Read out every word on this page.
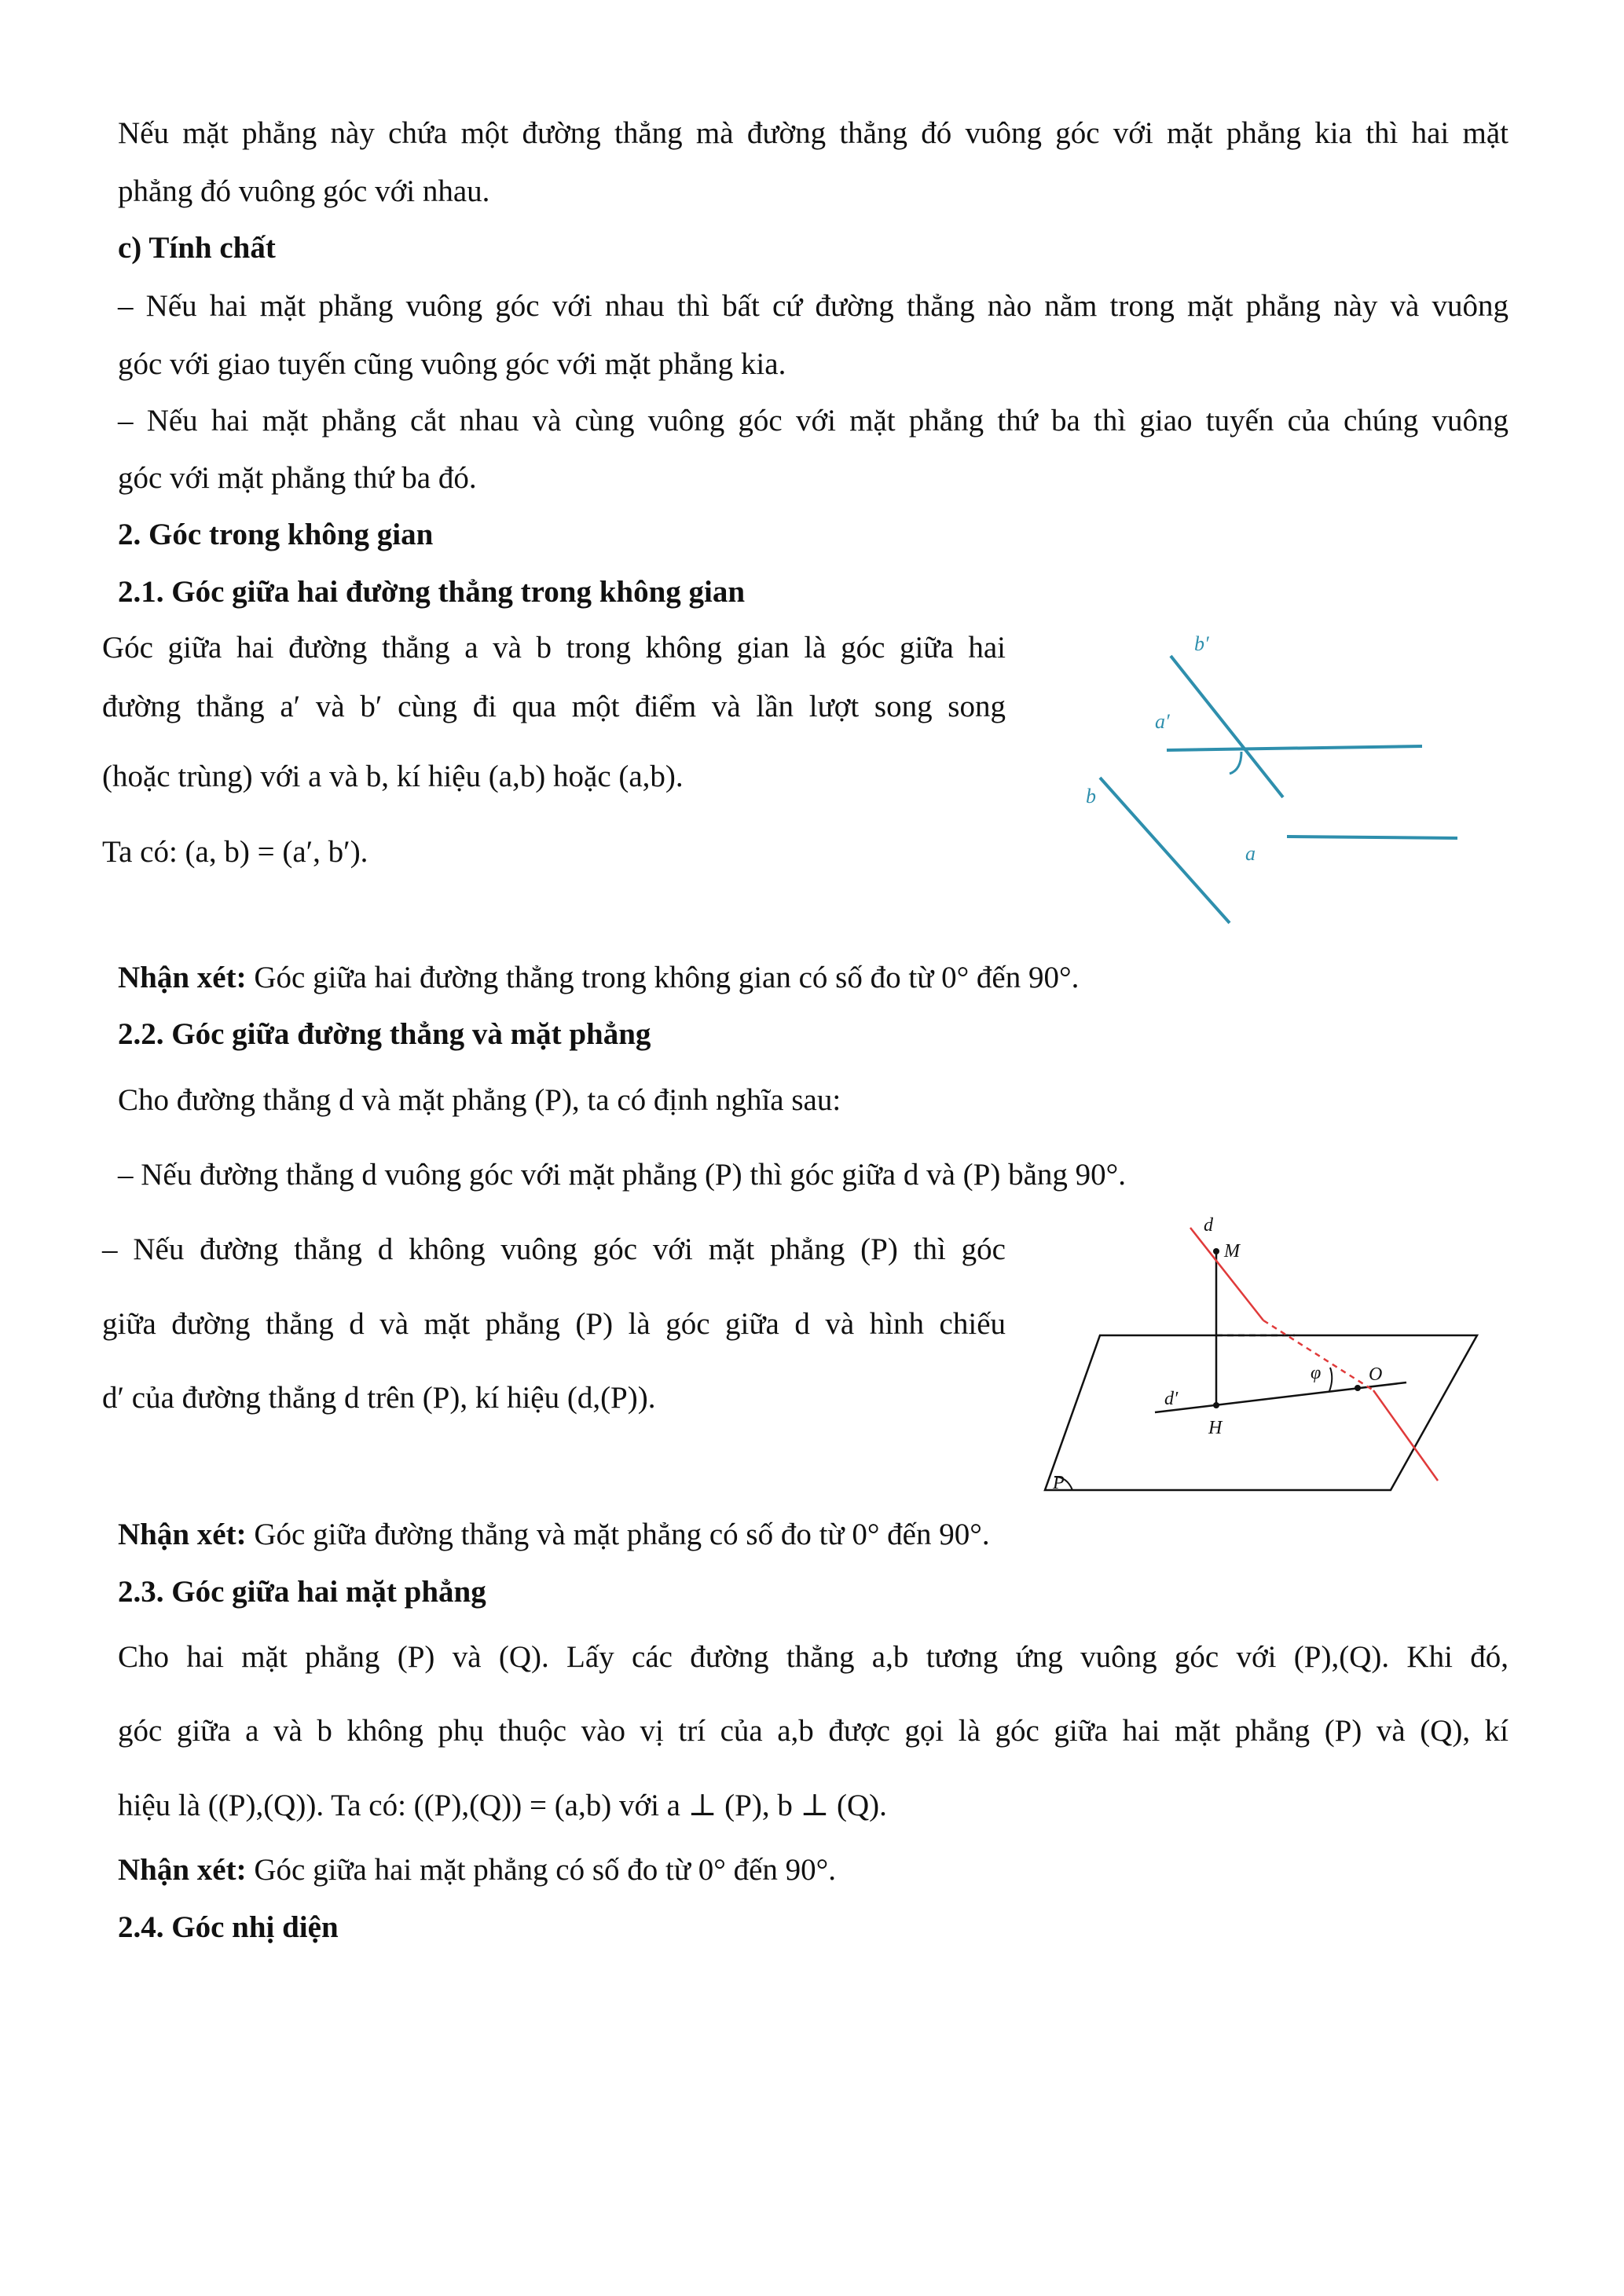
Nếu mặt phẳng này chứa một đường thẳng mà đường thẳng đó vuông góc với mặt phẳng kia thì hai mặt
phẳng đó vuông góc với nhau.
c) Tính chất
– Nếu hai mặt phẳng vuông góc với nhau thì bất cứ đường thẳng nào nằm trong mặt phẳng này và vuông
góc với giao tuyến cũng vuông góc với mặt phẳng kia.
– Nếu hai mặt phẳng cắt nhau và cùng vuông góc với mặt phẳng thứ ba thì giao tuyến của chúng vuông
góc với mặt phẳng thứ ba đó.
2. Góc trong không gian
2.1. Góc giữa hai đường thẳng trong không gian
Góc giữa hai đường thẳng a và b trong không gian là góc giữa hai
đường thẳng a′ và b′ cùng đi qua một điểm và lần lượt song song
(hoặc trùng) với a và b, kí hiệu (a,b) hoặc (a,b).
Ta có: (a, b) = (a′, b′).
b′
a′
b
a
Nhận xét: Góc giữa hai đường thẳng trong không gian có số đo từ 0° đến 90°.
2.2. Góc giữa đường thẳng và mặt phẳng
Cho đường thẳng d và mặt phẳng (P), ta có định nghĩa sau:
– Nếu đường thẳng d vuông góc với mặt phẳng (P) thì góc giữa d và (P) bằng 90°.
– Nếu đường thẳng d không vuông góc với mặt phẳng (P) thì góc
giữa đường thẳng d và mặt phẳng (P) là góc giữa d và hình chiếu
d′ của đường thẳng d trên (P), kí hiệu (d,(P)).
d
M
φ	O
d′
H
P
Nhận xét: Góc giữa đường thẳng và mặt phẳng có số đo từ 0° đến 90°.
2.3. Góc giữa hai mặt phẳng
Cho hai mặt phẳng (P) và (Q). Lấy các đường thẳng a,b tương ứng vuông góc với (P),(Q). Khi đó,
góc giữa a và b không phụ thuộc vào vị trí của a,b được gọi là góc giữa hai mặt phẳng (P) và (Q), kí
hiệu là ((P),(Q)). Ta có: ((P),(Q)) = (a,b) với a ⊥ (P), b ⊥ (Q).
Nhận xét: Góc giữa hai mặt phẳng có số đo từ 0° đến 90°.
2.4. Góc nhị diện
